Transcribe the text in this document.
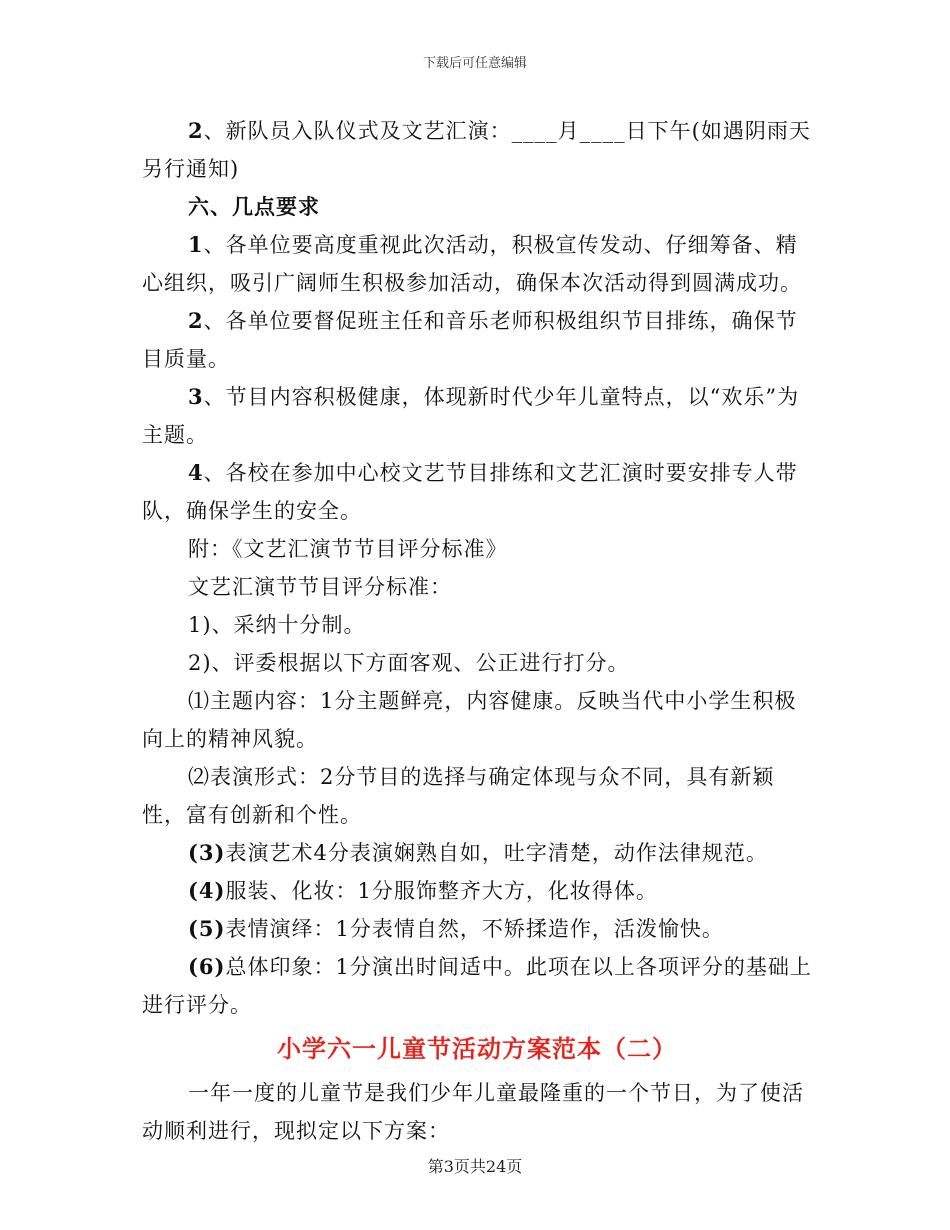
下载后可任意编辑

2、新队员入队仪式及文艺汇演：____月____日下午(如遇阴雨天另行通知)

六、几点要求

1、各单位要高度重视此次活动，积极宣传发动、仔细筹备、精心组织，吸引广阔师生积极参加活动，确保本次活动得到圆满成功。

2、各单位要督促班主任和音乐老师积极组织节目排练，确保节目质量。

3、节目内容积极健康，体现新时代少年儿童特点，以“欢乐”为主题。

4、各校在参加中心校文艺节目排练和文艺汇演时要安排专人带队，确保学生的安全。

附：《文艺汇演节节目评分标准》

文艺汇演节节目评分标准：

1)、采纳十分制。

2)、评委根据以下方面客观、公正进行打分。

⑴主题内容：1分主题鲜亮，内容健康。反映当代中小学生积极向上的精神风貌。

⑵表演形式：2分节目的选择与确定体现与众不同，具有新颖性，富有创新和个性。

(3)表演艺术4分表演娴熟自如，吐字清楚，动作法律规范。

(4)服装、化妆：1分服饰整齐大方，化妆得体。

(5)表情演绎：1分表情自然，不矫揉造作，活泼愉快。

(6)总体印象：1分演出时间适中。此项在以上各项评分的基础上进行评分。

小学六一儿童节活动方案范本（二）

一年一度的儿童节是我们少年儿童最隆重的一个节日，为了使活动顺利进行，现拟定以下方案：

第3页共24页
